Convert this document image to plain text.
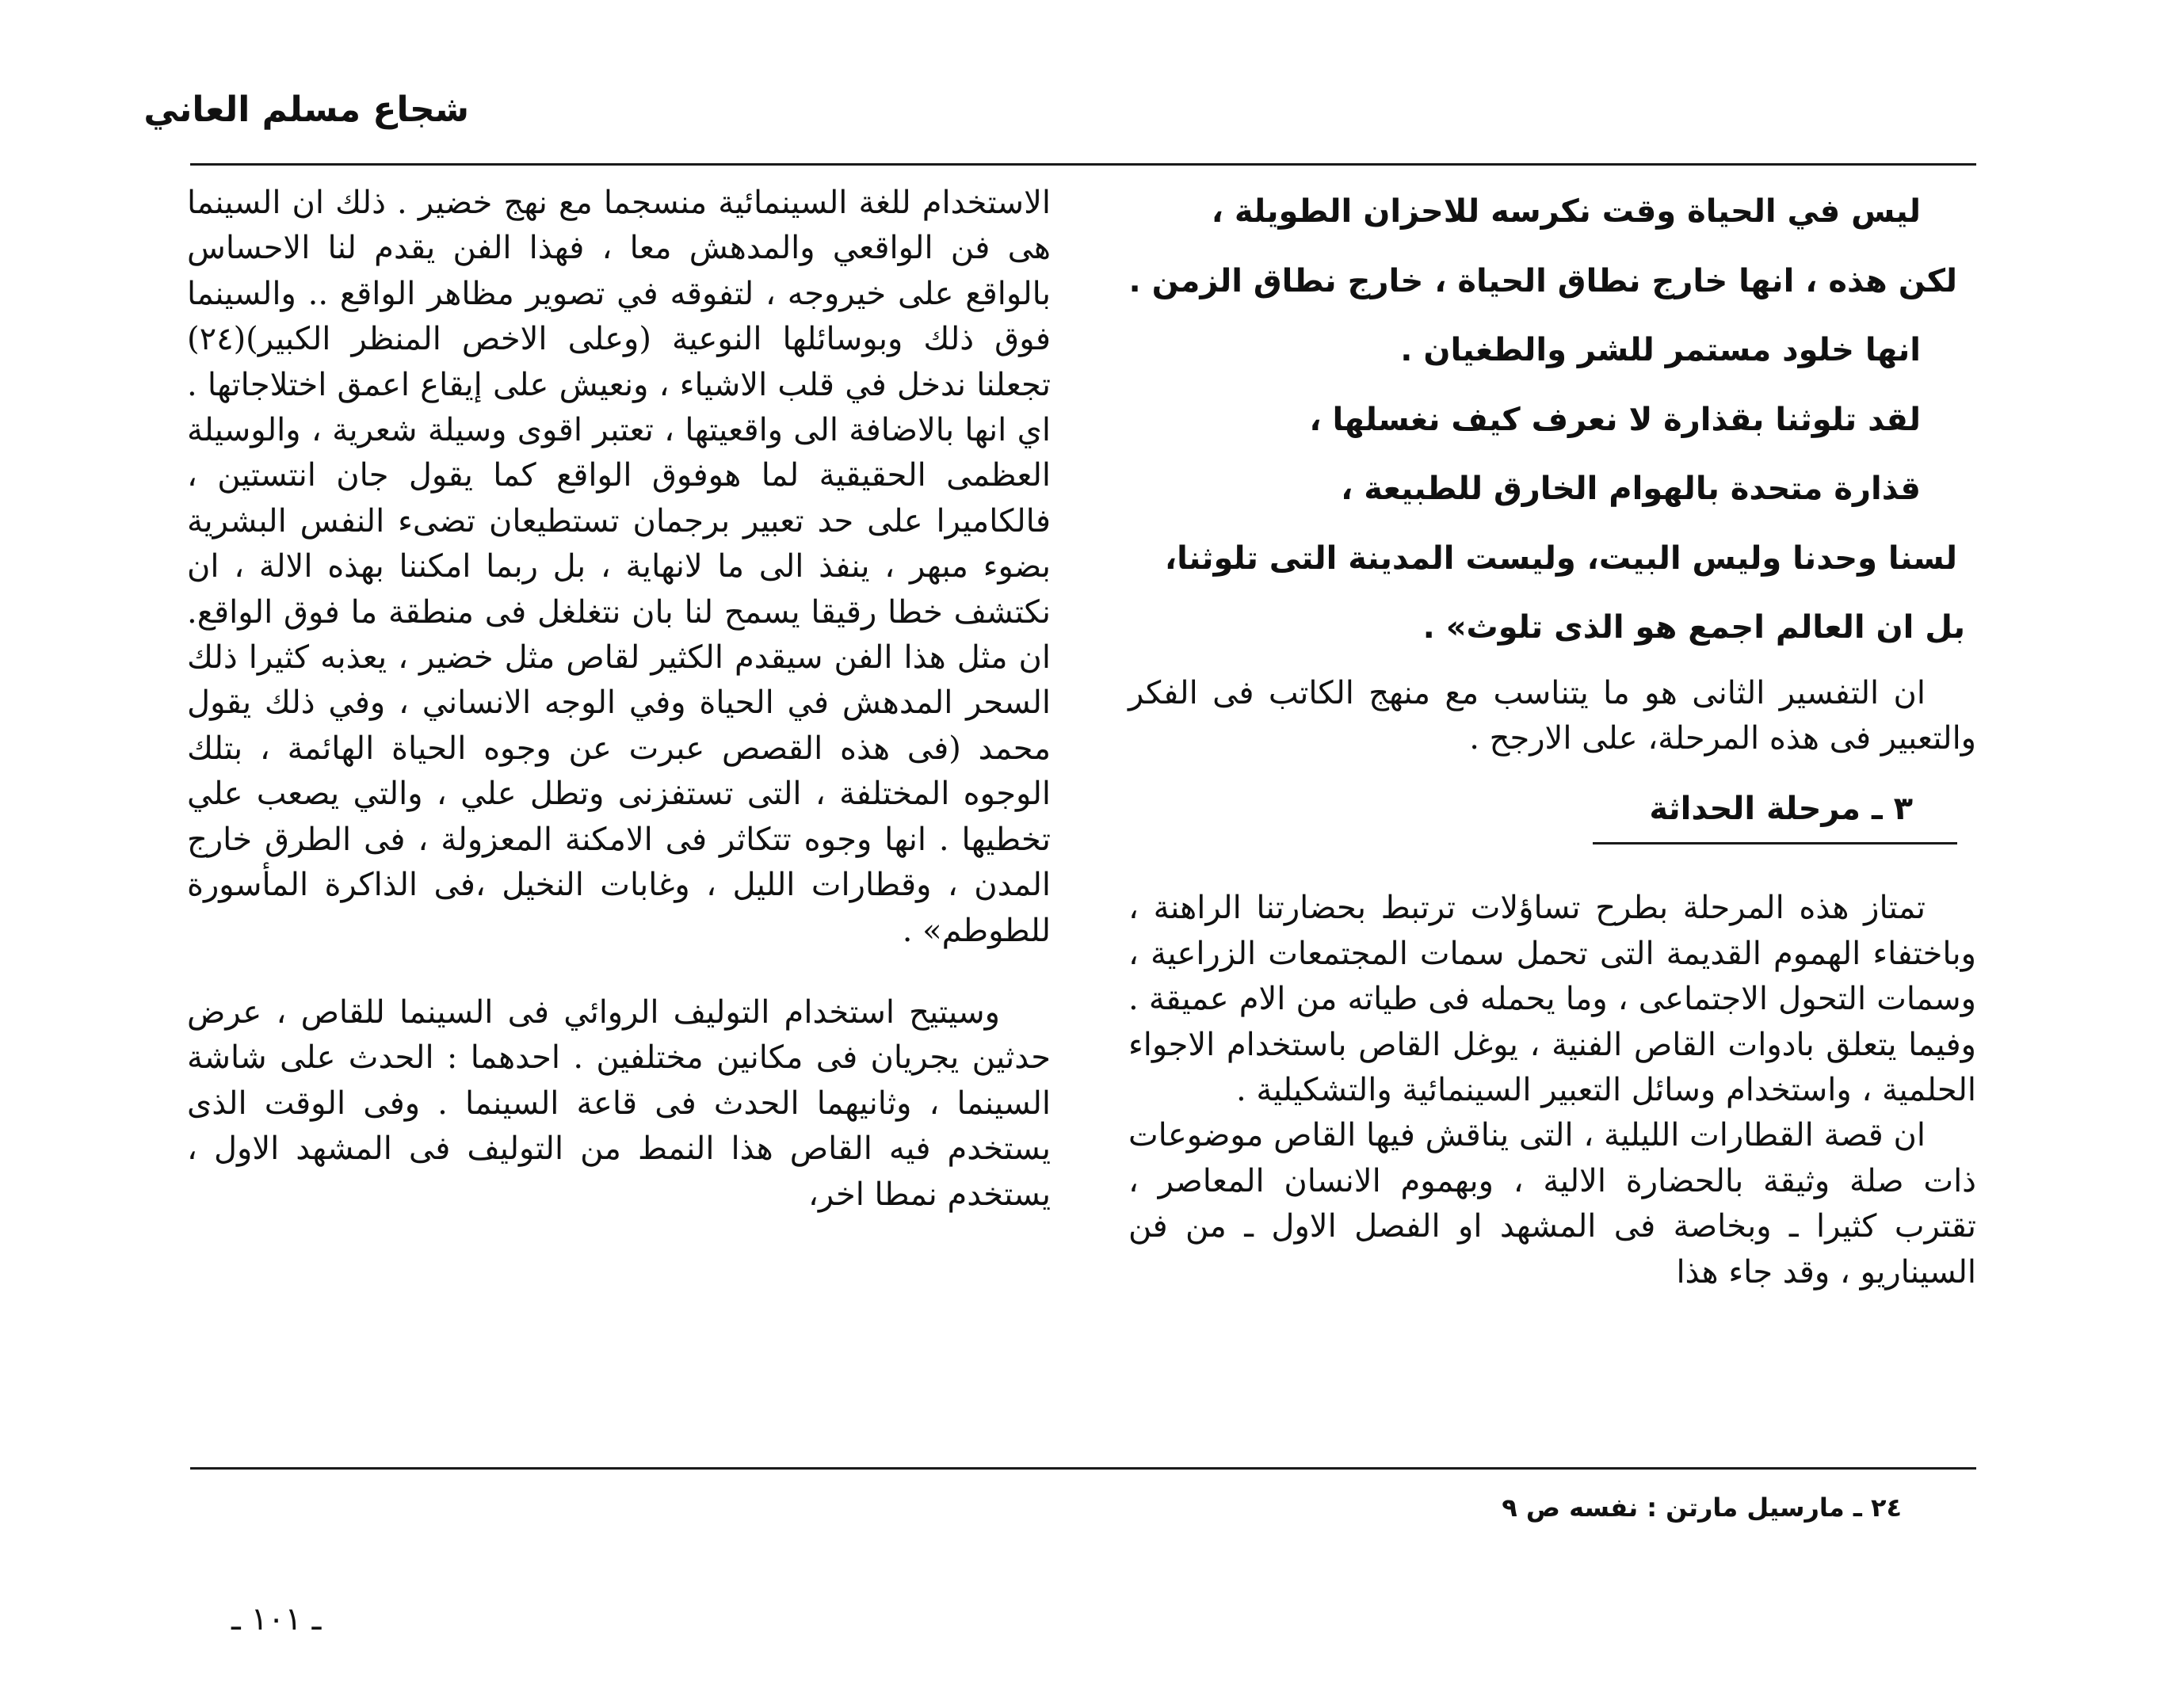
شجاع مسلم العاني

الاستخدام للغة السينمائية منسجما مع نهج خضير . ذلك ان السينما هى فن الواقعي والمدهش معا ، فهذا الفن يقدم لنا الاحساس بالواقع على خيروجه ، لتفوقه في تصوير مظاهر الواقع .. والسينما فوق ذلك وبوسائلها النوعية (وعلى الاخص المنظر الكبير)(٢٤) تجعلنا ندخل في قلب الاشياء ، ونعيش على إيقاع اعمق اختلاجاتها . اي انها بالاضافة الى واقعيتها ، تعتبر اقوى وسيلة شعرية ، والوسيلة العظمى الحقيقية لما هوفوق الواقع كما يقول جان انتستين ، فالكاميرا على حد تعبير برجمان تستطيعان تضىء النفس البشرية بضوء مبهر ، ينفذ الى ما لانهاية ، بل ربما امكننا بهذه الالة ، ان نكتشف خطا رقيقا يسمح لنا بان نتغلغل فى منطقة ما فوق الواقع. ان مثل هذا الفن سيقدم الكثير لقاص مثل خضير ، يعذبه كثيرا ذلك السحر المدهش في الحياة وفي الوجه الانساني ، وفي ذلك يقول محمد (فى هذه القصص عبرت عن وجوه الحياة الهائمة ، بتلك الوجوه المختلفة ، التى تستفزنى وتطل علي ، والتي يصعب علي تخطيها . انها وجوه تتكاثر فى الامكنة المعزولة ، فى الطرق خارج المدن ، وقطارات الليل ، وغابات النخيل ،فى الذاكرة المأسورة للطوطم» .

وسيتيح استخدام التوليف الروائي فى السينما للقاص ، عرض حدثين يجريان فى مكانين مختلفين . احدهما : الحدث على شاشة السينما ، وثانيهما الحدث فى قاعة السينما . وفى الوقت الذى يستخدم فيه القاص هذا النمط من التوليف فى المشهد الاول ، يستخدم نمطا اخر،

ليس في الحياة وقت نكرسه للاحزان الطويلة ،
لكن هذه ، انها خارج نطاق الحياة ، خارج نطاق الزمن .
انها خلود مستمر للشر والطغيان .
لقد تلوثنا بقذارة لا نعرف كيف نغسلها ،
قذارة متحدة بالهوام الخارق للطبيعة ،
لسنا وحدنا وليس البيت، وليست المدينة التى تلوثنا،
بل ان العالم اجمع هو الذى تلوث» .

ان التفسير الثانى هو ما يتناسب مع منهج الكاتب فى الفكر والتعبير فى هذه المرحلة، على الارجح .

٣ ـ مرحلة الحداثة

تمتاز هذه المرحلة بطرح تساؤلات ترتبط بحضارتنا الراهنة ، وباختفاء الهموم القديمة التى تحمل سمات المجتمعات الزراعية ، وسمات التحول الاجتماعى ، وما يحمله فى طياته من الام عميقة . وفيما يتعلق بادوات القاص الفنية ، يوغل القاص باستخدام الاجواء الحلمية ، واستخدام وسائل التعبير السينمائية والتشكيلية .

ان قصة القطارات الليلية ، التى يناقش فيها القاص موضوعات ذات صلة وثيقة بالحضارة الالية ، وبهموم الانسان المعاصر ، تقترب كثيرا ـ وبخاصة فى المشهد او الفصل الاول ـ من فن السيناريو ، وقد جاء هذا

٢٤ ـ مارسيل مارتن : نفسه ص ٩
ـ ١٠١ ـ
